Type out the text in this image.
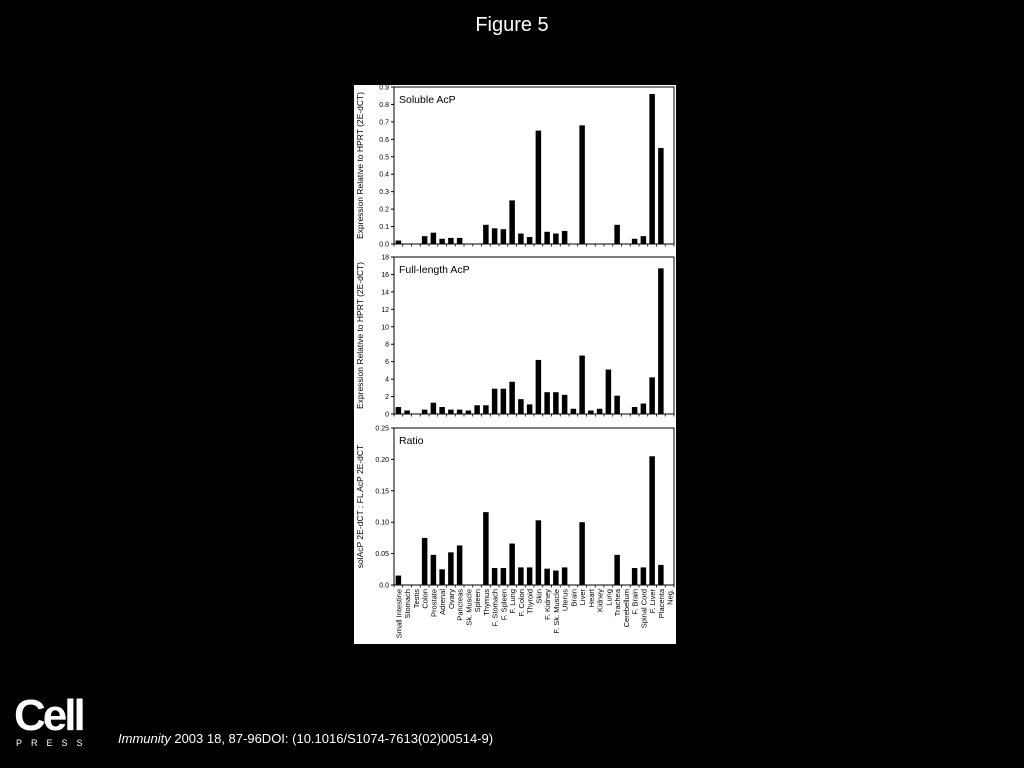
Figure 5
0.0
0.1
0.2
0.3
0.4
0.5
0.6
0.7
0.8
0.9
Soluble AcP
Expression Relative to HPRT (2E-dCT)
0
2
4
6
8
10
12
14
16
18
Full-length AcP
Expression Relative to HPRT (2E-dCT)
0.0
0.05
0.10
0.15
0.20
0.25
Ratio
solAcP 2E-dCT : FL AcP 2E-dCT
Small Intestine Stomach Testis Colon Prostate Adrenal Ovary Pancreas Sk. Muscle Spleen Thymus F. Stomach F. Spleen F. Lung F. Colon Thyroid Skin F. Kidney F. Sk. Muscle Uterus Brain Liver Heart Kidney Lung Trachea Cerebellum F. Brain Spinal Cord F. Liver Placenta Neg.
Cell
PRESS Immunity 2003 18, 87-96DOI: (10.1016/S1074-7613(02)00514-9)
